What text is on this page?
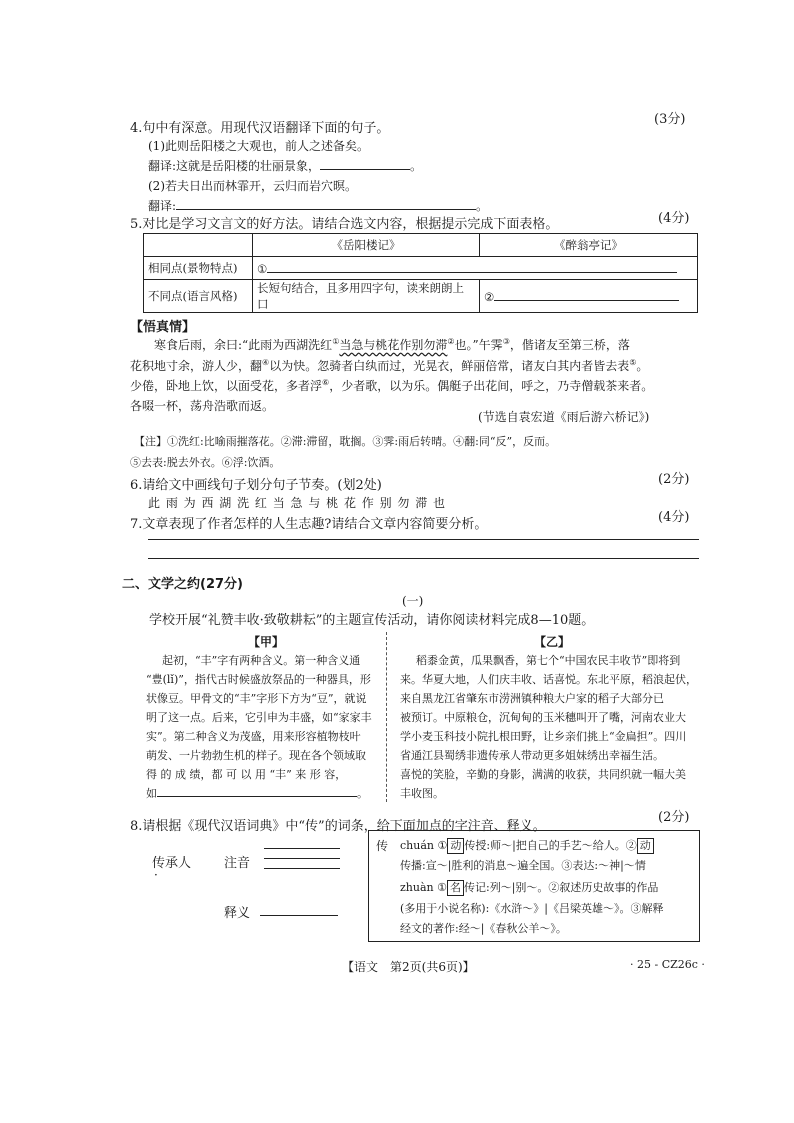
4.句中有深意。用现代汉语翻译下面的句子。
(3分)
(1)此则岳阳楼之大观也，前人之述备矣。
翻译:这就是岳阳楼的壮丽景象，	。
(2)若夫日出而林霏开，云归而岩穴暝。
翻译:	。
5.对比是学习文言文的好方法。请结合选文内容，根据提示完成下面表格。	(4分)
	《岳阳楼记》	《醉翁亭记》
相同点(景物特点)	①	
不同点(语言风格)	长短句结合，且多用四字句，读来朗朗上口	②
【悟真情】
寒食后雨，余曰:“此雨为西湖洗红①当急与桃花作别勿滞②也。”午霁③，偕诸友至第三桥，落
花积地寸余，游人少，翻④以为快。忽骑者白纨而过，光晃衣，鲜丽倍常，诸友白其内者皆去表⑤。
少倦，卧地上饮，以面受花，多者浮⑥，少者歌，以为乐。偶艇子出花间，呼之，乃寺僧载茶来者。
各啜一杯，荡舟浩歌而返。
(节选自袁宏道《雨后游六桥记》)
【注】①洗红:比喻雨摧落花。②滞:滞留，耽搁。③霁:雨后转晴。④翻:同“反”，反而。
⑤去表:脱去外衣。⑥浮:饮酒。
6.请给文中画线句子划分句子节奏。(划2处)	(2分)
此 雨 为 西 湖 洗 红 当 急 与 桃 花 作 别 勿 滞 也
7.文章表现了作者怎样的人生志趣?请结合文章内容简要分析。	(4分)
二、文学之约(27分)
(一)
学校开展“礼赞丰收·致敬耕耘”的主题宣传活动，请你阅读材料完成8—10题。
【甲】
起初，“丰”字有两种含义。第一种含义通
“豊(lǐ)”，指代古时候盛放祭品的一种器具，形
状像豆。甲骨文的“丰”字形下方为“豆”，就说
明了这一点。后来，它引申为丰盛，如“家家丰
实”。第二种含义为茂盛，用来形容植物枝叶
萌发、一片勃勃生机的样子。现在各个领域取
得 的 成 绩，都 可 以 用 “丰” 来 形 容，
如	。
【乙】
稻黍金黄，瓜果飘香，第七个“中国农民丰收节”即将到
来。华夏大地，人们庆丰收、话喜悦。东北平原，稻浪起伏，
来自黑龙江省肇东市涝洲镇种粮大户家的稻子大部分已
被预订。中原粮仓，沉甸甸的玉米穗叫开了嘴，河南农业大
学小麦玉科技小院扎根田野，让乡亲们挑上“金扁担”。四川
省通江县蜀绣非遗传承人带动更多姐妹绣出幸福生活。
喜悦的笑脸，辛勤的身影，满满的收获，共同织就一幅大美
丰收图。
8.请根据《现代汉语词典》中“传”的词条，给下面加点的字注音、释义。
(2分)
传承人	注音
释义
传 chuán ① 动 传授:师～|把自己的手艺～给人。② 动
传播:宣～|胜利的消息～遍全国。③表达:～神|～情
zhuàn ① 名 传记:列～|别～。②叙述历史故事的作品
(多用于小说名称):《水浒～》|《吕梁英雄～》。③解释
经文的著作:经～|《春秋公羊～》。
【语文　第2页(共6页)】	· 25 - CZ26c ·
